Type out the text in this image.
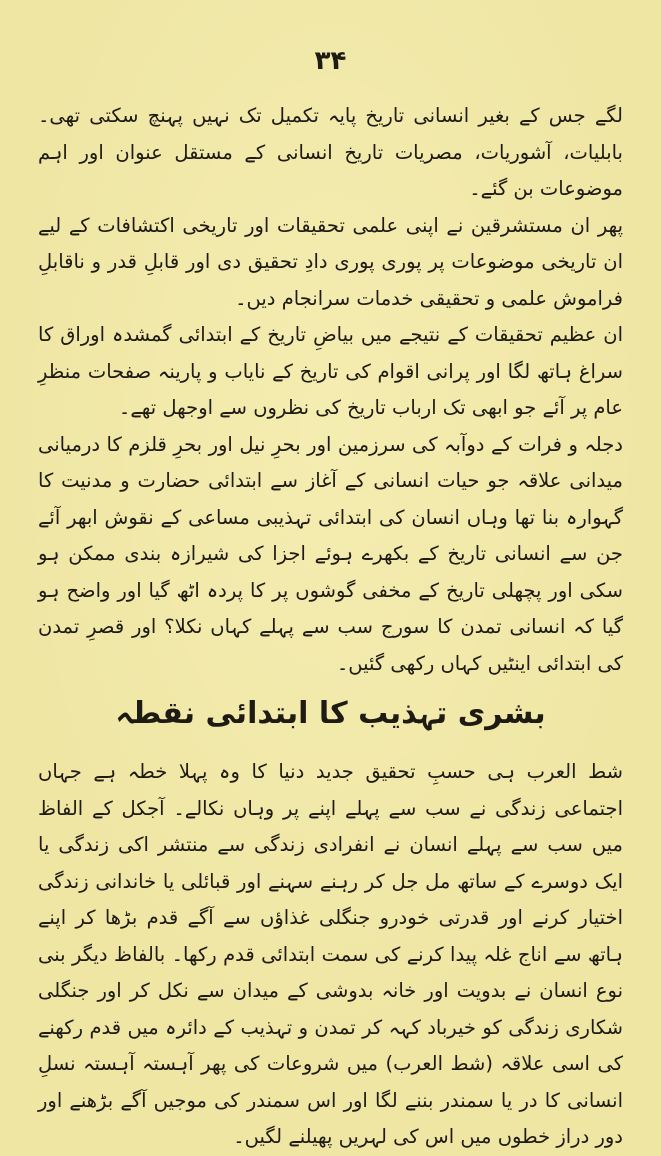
۳۴

لگے جس کے بغیر انسانی تاریخ پایہ تکمیل تک نہیں پہنچ سکتی تھی۔ بابلیات، آشوریات، مصریات تاریخ انسانی کے مستقل عنوان اور اہم موضوعات بن گئے۔

پھر ان مستشرقین نے اپنی علمی تحقیقات اور تاریخی اکتشافات کے لیے ان تاریخی موضوعات پر پوری پوری دادِ تحقیق دی اور قابلِ قدر و ناقابلِ فراموش علمی و تحقیقی خدمات سرانجام دیں۔

ان عظیم تحقیقات کے نتیجے میں بیاضِ تاریخ کے ابتدائی گمشدہ اوراق کا سراغ ہاتھ لگا اور پرانی اقوام کی تاریخ کے نایاب و پارینہ صفحات منظرِ عام پر آئے جو ابھی تک ارباب تاریخ کی نظروں سے اوجھل تھے۔

دجلہ و فرات کے دوآبہ کی سرزمین اور بحرِ نیل اور بحرِ قلزم کا درمیانی میدانی علاقہ جو حیات انسانی کے آغاز سے ابتدائی حضارت و مدنیت کا گہوارہ بنا تھا وہاں انسان کی ابتدائی تہذیبی مساعی کے نقوش ابھر آئے جن سے انسانی تاریخ کے بکھرے ہوئے اجزا کی شیرازہ بندی ممکن ہو سکی اور پچھلی تاریخ کے مخفی گوشوں پر کا پردہ اٹھ گیا اور واضح ہو گیا کہ انسانی تمدن کا سورج سب سے پہلے کہاں نکلا؟ اور قصرِ تمدن کی ابتدائی اینٹیں کہاں رکھی گئیں۔

بشری تہذیب کا ابتدائی نقطہ

شط العرب ہی حسبِ تحقیق جدید دنیا کا وہ پہلا خطہ ہے جہاں اجتماعی زندگی نے سب سے پہلے اپنے پر وہاں نکالے۔ آجکل کے الفاظ میں سب سے پہلے انسان نے انفرادی زندگی سے منتشر اکی زندگی یا ایک دوسرے کے ساتھ مل جل کر رہنے سہنے اور قبائلی یا خاندانی زندگی اختیار کرنے اور قدرتی خودرو جنگلی غذاؤں سے آگے قدم بڑھا کر اپنے ہاتھ سے اناج غلہ پیدا کرنے کی سمت ابتدائی قدم رکھا۔ بالفاظ دیگر بنی نوع انسان نے بدویت اور خانہ بدوشی کے میدان سے نکل کر اور جنگلی شکاری زندگی کو خیرباد کہہ کر تمدن و تہذیب کے دائرہ میں قدم رکھنے کی اسی علاقہ (شط العرب) میں شروعات کی پھر آہستہ آہستہ نسلِ انسانی کا در یا سمندر بننے لگا اور اس سمندر کی موجیں آگے بڑھنے اور دور دراز خطوں میں اس کی لہریں پھیلنے لگیں۔
